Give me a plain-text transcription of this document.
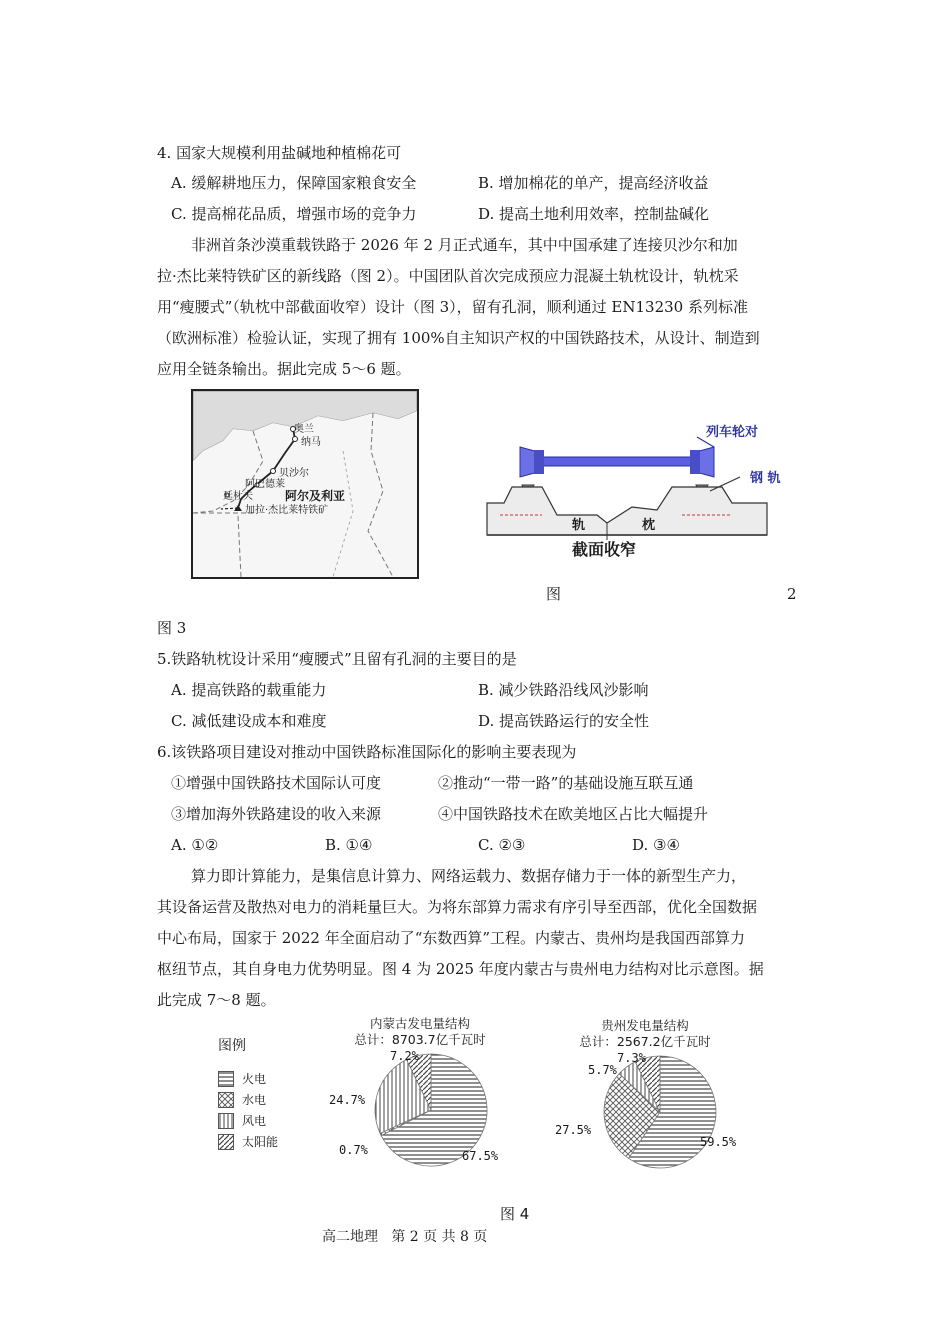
4. 国家大规模利用盐碱地种植棉花可
A. 缓解耕地压力，保障国家粮食安全	B. 增加棉花的单产，提高经济收益
C. 提高棉花品质，增强市场的竞争力	D. 提高土地利用效率，控制盐碱化
非洲首条沙漠重载铁路于 2026 年 2 月正式通车，其中中国承建了连接贝沙尔和加
拉·杰比莱特铁矿区的新线路（图 2）。中国团队首次完成预应力混凝土轨枕设计，轨枕采
用“瘦腰式”（轨枕中部截面收窄）设计（图 3），留有孔洞，顺利通过 EN13230 系列标准
（欧洲标准）检验认证，实现了拥有 100%自主知识产权的中国铁路技术，从设计、制造到
应用全链条输出。据此完成 5～6 题。
奥兰
纳马
贝沙尔
阿巴德莱
廷杜夫	阿尔及利亚
加拉·杰比莱特铁矿
列车轮对
钢 轨
轨	枕
截面收窄
图	2
图 3
5.铁路轨枕设计采用“瘦腰式”且留有孔洞的主要目的是
A. 提高铁路的载重能力	B. 减少铁路沿线风沙影响
C. 减低建设成本和难度	D. 提高铁路运行的安全性
6.该铁路项目建设对推动中国铁路标准国际化的影响主要表现为
①增强中国铁路技术国际认可度	②推动“一带一路”的基础设施互联互通
③增加海外铁路建设的收入来源	④中国铁路技术在欧美地区占比大幅提升
A. ①②	B. ①④	C. ②③	D. ③④
算力即计算能力，是集信息计算力、网络运载力、数据存储力于一体的新型生产力，
其设备运营及散热对电力的消耗量巨大。为将东部算力需求有序引导至西部，优化全国数据
中心布局，国家于 2022 年全面启动了“东数西算”工程。内蒙古、贵州均是我国西部算力
枢纽节点，其自身电力优势明显。图 4 为 2025 年度内蒙古与贵州电力结构对比示意图。据
此完成 7～8 题。
图例
火电
水电
风电
太阳能
内蒙古发电量结构
总计：8703.7亿千瓦时
贵州发电量结构
总计：2567.2亿千瓦时
7.2%
24.7%
0.7%	67.5%
7.3%
5.7%
27.5%
59.5%
图 4
高二地理   第 2 页 共 8 页
